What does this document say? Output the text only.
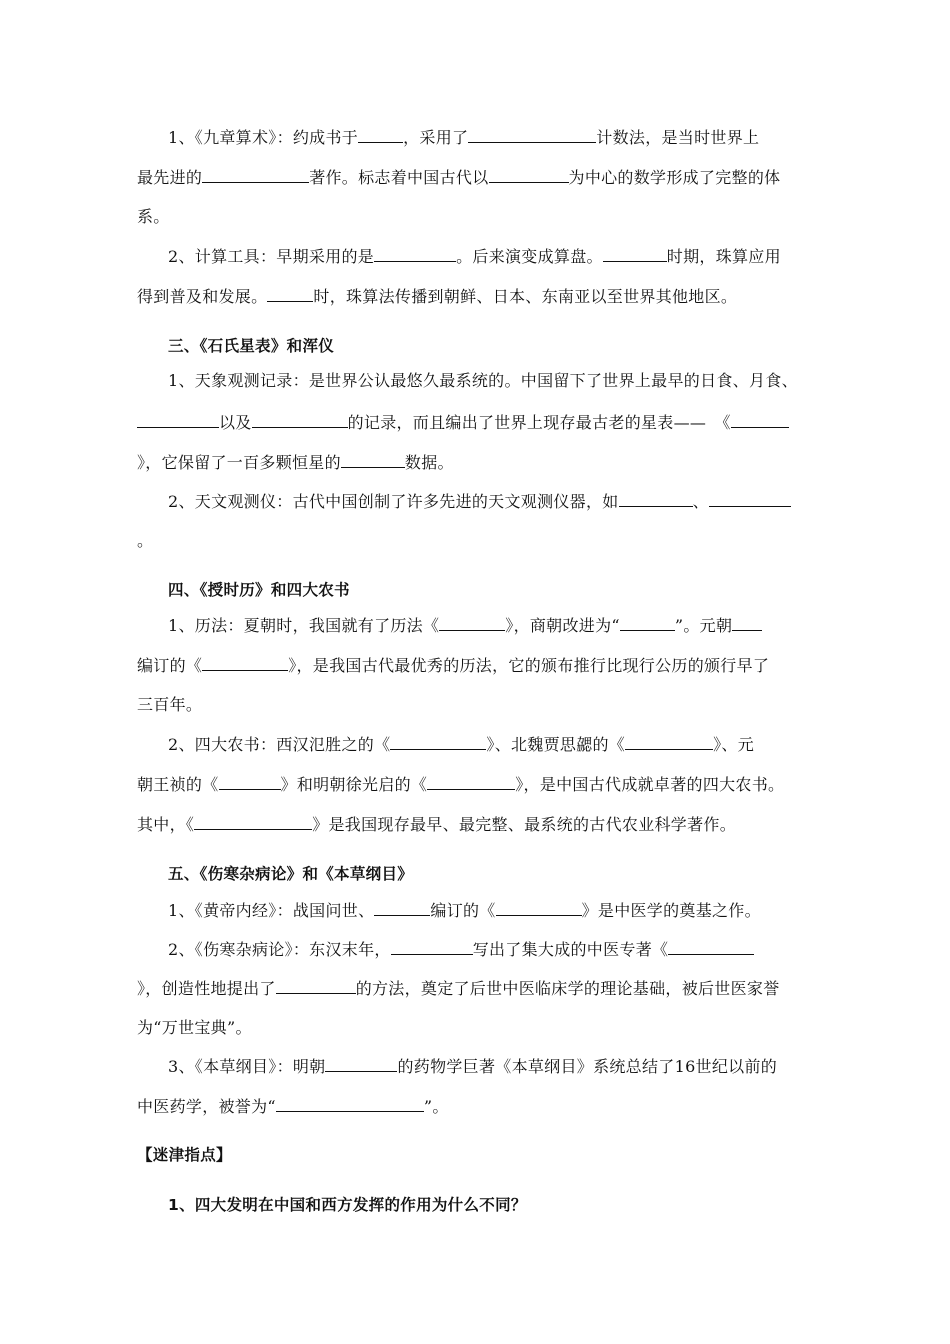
1、《九章算术》：约成书于	，采用了	计数法，是当时世界上
最先进的	著作。标志着中国古代以	为中心的数学形成了完整的体
系。
2、计算工具：早期采用的是	。后来演变成算盘。	时期，珠算应用
得到普及和发展。	时，珠算法传播到朝鲜、日本、东南亚以至世界其他地区。
三、《石氏星表》和浑仪
1、天象观测记录：是世界公认最悠久最系统的。中国留下了世界上最早的日食、月食、
以及	的记录，而且编出了世界上现存最古老的星表——　《
》，它保留了一百多颗恒星的	数据。
2、天文观测仪：古代中国创制了许多先进的天文观测仪器，如	、
。
四、《授时历》和四大农书
1、历法：夏朝时，我国就有了历法《	》，商朝改进为“	”。元朝
编订的《	》，是我国古代最优秀的历法，它的颁布推行比现行公历的颁行早了
三百年。
2、四大农书：西汉氾胜之的《	》、北魏贾思勰的《	》、元
朝王祯的《	》和明朝徐光启的《	》，是中国古代成就卓著的四大农书。
其中，《	》是我国现存最早、最完整、最系统的古代农业科学著作。
五、《伤寒杂病论》和《本草纲目》
1、《黄帝内经》：战国问世、	编订的《	》是中医学的奠基之作。
2、《伤寒杂病论》：东汉末年，	写出了集大成的中医专著《
》，创造性地提出了	的方法，奠定了后世中医临床学的理论基础，被后世医家誉
为“万世宝典”。
3、《本草纲目》：明朝	的药物学巨著《本草纲目》系统总结了16世纪以前的
中医药学，被誉为“	”。
【迷津指点】
1、四大发明在中国和西方发挥的作用为什么不同？
